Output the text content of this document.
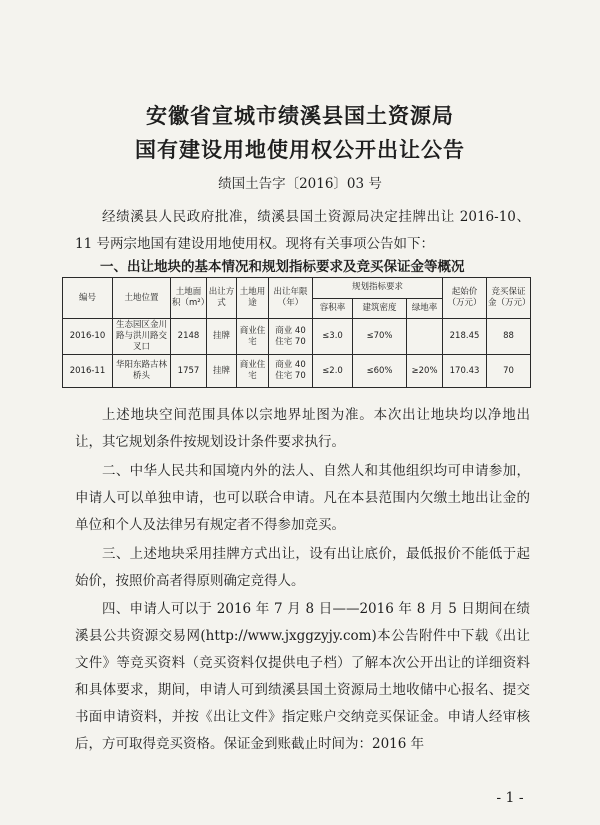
安徽省宣城市绩溪县国土资源局
国有建设用地使用权公开出让公告
绩国土告字〔2016〕03 号
经绩溪县人民政府批准，绩溪县国土资源局决定挂牌出让 2016-10、11 号两宗地国有建设用地使用权。现将有关事项公告如下：
一、出让地块的基本情况和规划指标要求及竞买保证金等概况
编号	土地位置	土地面积（m²）	出让方式	土地用途	出让年限（年）	规划指标要求			起始价（万元）	竞买保证金（万元）
						容积率	建筑密度	绿地率		
2016-10	生态园区金川路与洪川路交叉口	2148	挂牌	商业住宅	商业 40 住宅 70	≤3.0	≤70%		218.45	88
2016-11	华阳东路古林桥头	1757	挂牌	商业住宅	商业 40 住宅 70	≤2.0	≤60%	≥20%	170.43	70
上述地块空间范围具体以宗地界址图为准。本次出让地块均以净地出让，其它规划条件按规划设计条件要求执行。
二、中华人民共和国境内外的法人、自然人和其他组织均可申请参加，申请人可以单独申请，也可以联合申请。凡在本县范围内欠缴土地出让金的单位和个人及法律另有规定者不得参加竞买。
三、上述地块采用挂牌方式出让，设有出让底价，最低报价不能低于起始价，按照价高者得原则确定竞得人。
四、申请人可以于 2016 年 7 月 8 日——2016 年 8 月 5 日期间在绩溪县公共资源交易网(http://www.jxggzyjy.com)本公告附件中下载《出让文件》等竞买资料（竞买资料仅提供电子档）了解本次公开出让的详细资料和具体要求，期间，申请人可到绩溪县国土资源局土地收储中心报名、提交书面申请资料，并按《出让文件》指定账户交纳竞买保证金。申请人经审核后，方可取得竞买资格。保证金到账截止时间为：2016 年
- 1 -
